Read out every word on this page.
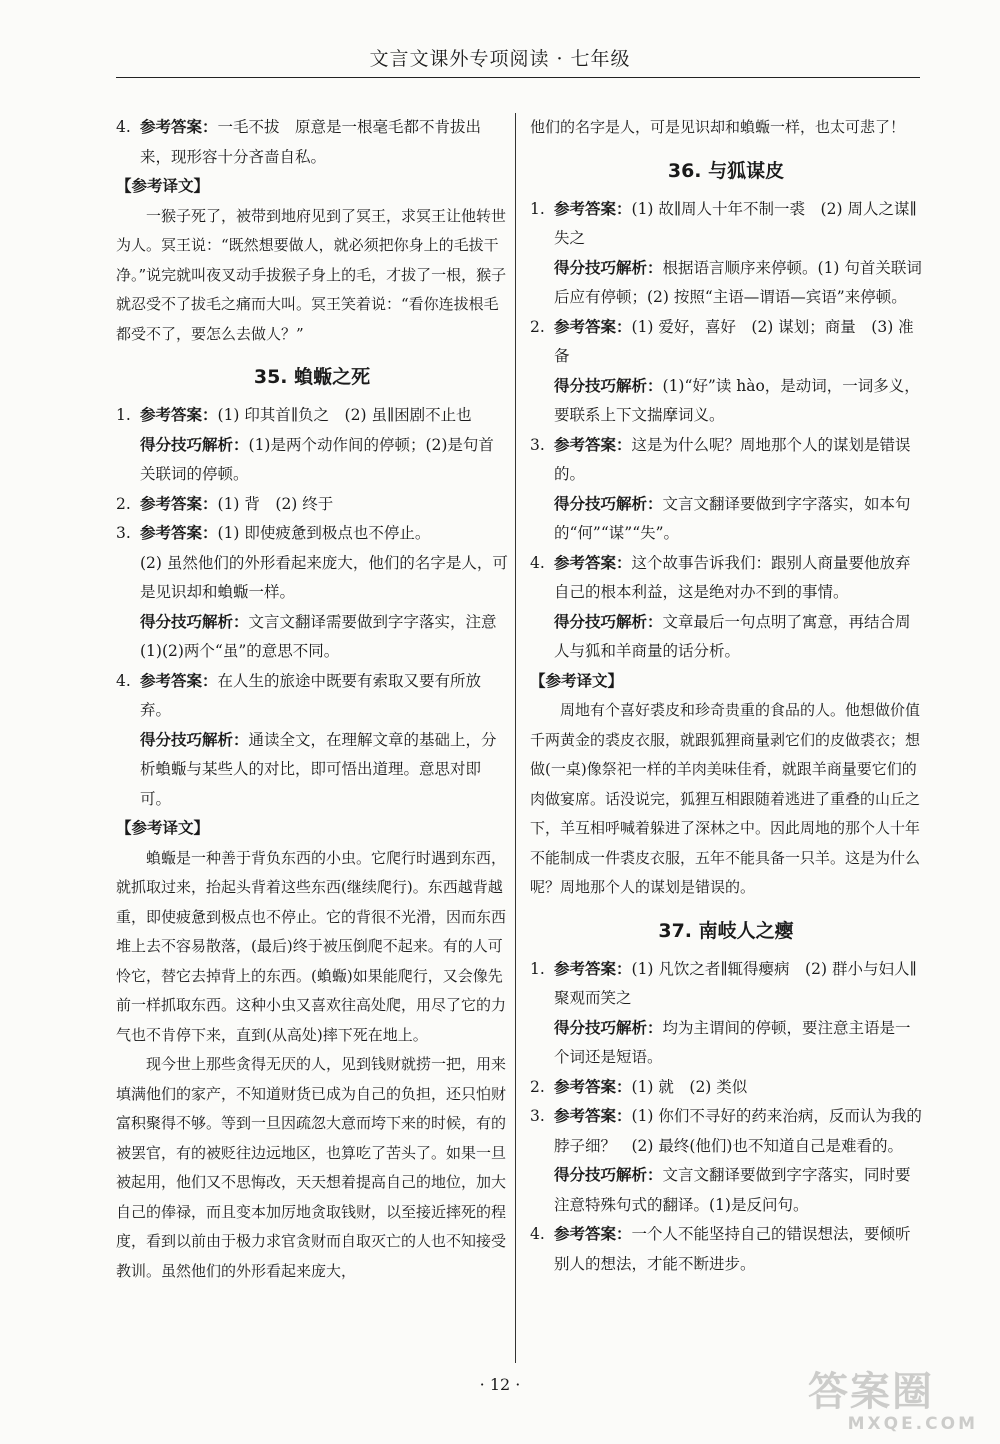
文言文课外专项阅读 · 七年级
4. 参考答案：一毛不拔　原意是一根毫毛都不肯拔出来，现形容十分吝啬自私。

【参考译文】

一猴子死了，被带到地府见到了冥王，求冥王让他转世为人。冥王说：“既然想要做人，就必须把你身上的毛拔干净。”说完就叫夜叉动手拔猴子身上的毛，才拔了一根，猴子就忍受不了拔毛之痛而大叫。冥王笑着说：“看你连拔根毛都受不了，要怎么去做人？”

35. 蝜蝂之死
1. 参考答案：(1) 印其首∥负之　(2) 虽∥困剧不止也

得分技巧解析：(1)是两个动作间的停顿；(2)是句首关联词的停顿。

2. 参考答案：(1) 背　(2) 终于
3. 参考答案：(1) 即使疲惫到极点也不停止。

(2) 虽然他们的外形看起来庞大，他们的名字是人，可是见识却和蝜蝂一样。

得分技巧解析：文言文翻译需要做到字字落实，注意(1)(2)两个“虽”的意思不同。

4. 参考答案：在人生的旅途中既要有索取又要有所放弃。

得分技巧解析：通读全文，在理解文章的基础上，分析蝜蝂与某些人的对比，即可悟出道理。意思对即可。

【参考译文】

蝜蝂是一种善于背负东西的小虫。它爬行时遇到东西，就抓取过来，抬起头背着这些东西(继续爬行)。东西越背越重，即使疲惫到极点也不停止。它的背很不光滑，因而东西堆上去不容易散落，(最后)终于被压倒爬不起来。有的人可怜它，替它去掉背上的东西。(蝜蝂)如果能爬行，又会像先前一样抓取东西。这种小虫又喜欢往高处爬，用尽了它的力气也不肯停下来，直到(从高处)摔下死在地上。

现今世上那些贪得无厌的人，见到钱财就捞一把，用来填满他们的家产，不知道财货已成为自己的负担，还只怕财富积聚得不够。等到一旦因疏忽大意而垮下来的时候，有的被罢官，有的被贬往边远地区，也算吃了苦头了。如果一旦被起用，他们又不思悔改，天天想着提高自己的地位，加大自己的俸禄，而且变本加厉地贪取钱财，以至接近摔死的程度，看到以前由于极力求官贪财而自取灭亡的人也不知接受教训。虽然他们的外形看起来庞大，

他们的名字是人，可是见识却和蝜蝂一样，也太可悲了！

36. 与狐谋皮
1. 参考答案：(1) 故∥周人十年不制一裘　(2) 周人之谋∥失之

得分技巧解析：根据语言顺序来停顿。(1) 句首关联词后应有停顿；(2) 按照“主语—谓语—宾语”来停顿。

2. 参考答案：(1) 爱好，喜好　(2) 谋划；商量　(3) 准备

得分技巧解析：(1)“好”读 hào，是动词，一词多义，要联系上下文揣摩词义。

3. 参考答案：这是为什么呢？周地那个人的谋划是错误的。

得分技巧解析：文言文翻译要做到字字落实，如本句的“何”“谋”“失”。

4. 参考答案：这个故事告诉我们：跟别人商量要他放弃自己的根本利益，这是绝对办不到的事情。

得分技巧解析：文章最后一句点明了寓意，再结合周人与狐和羊商量的话分析。

【参考译文】

周地有个喜好裘皮和珍奇贵重的食品的人。他想做价值千两黄金的裘皮衣服，就跟狐狸商量剥它们的皮做裘衣；想做(一桌)像祭祀一样的羊肉美味佳肴，就跟羊商量要它们的肉做宴席。话没说完，狐狸互相跟随着逃进了重叠的山丘之下，羊互相呼喊着躲进了深林之中。因此周地的那个人十年不能制成一件裘皮衣服，五年不能具备一只羊。这是为什么呢？周地那个人的谋划是错误的。

37. 南岐人之瘿
1. 参考答案：(1) 凡饮之者∥辄得瘿病　(2) 群小与妇人∥聚观而笑之

得分技巧解析：均为主谓间的停顿，要注意主语是一个词还是短语。

2. 参考答案：(1) 就　(2) 类似
3. 参考答案：(1) 你们不寻好的药来治病，反而认为我的脖子细？　(2) 最终(他们)也不知道自己是难看的。

得分技巧解析：文言文翻译要做到字字落实，同时要注意特殊句式的翻译。(1)是反问句。

4. 参考答案：一个人不能坚持自己的错误想法，要倾听别人的想法，才能不断进步。
· 12 ·	答案圈
MXQE.COM
